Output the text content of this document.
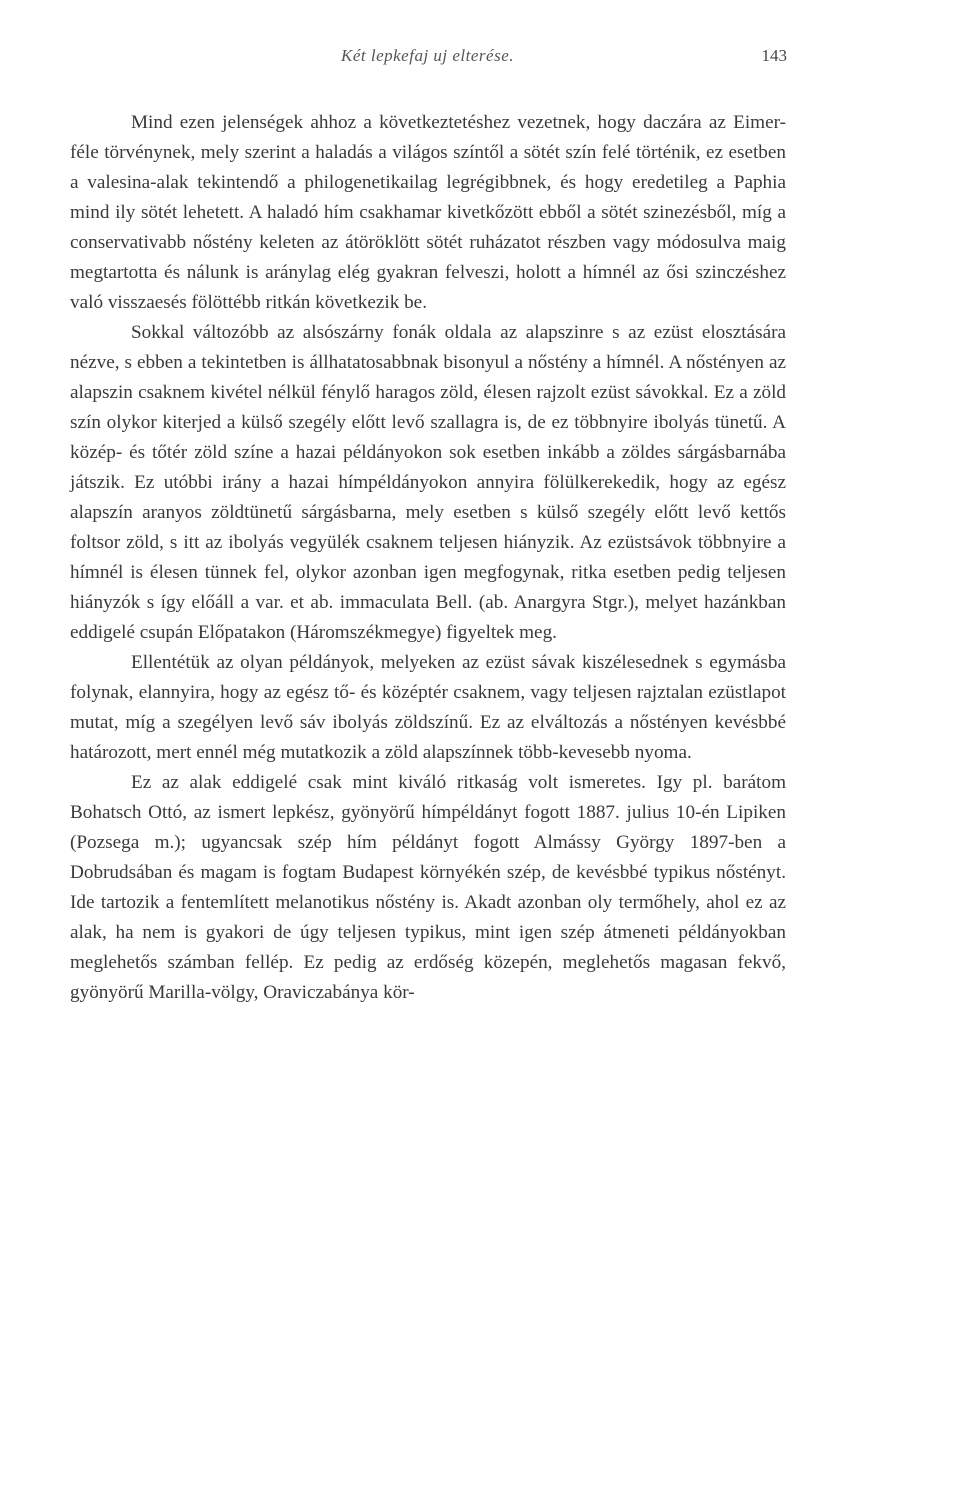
Két lepkefaj uj elterése.	143

Mind ezen jelenségek ahhoz a következtetéshez vezetnek, hogy daczára az Eimer-féle törvénynek, mely szerint a haladás a világos színtől a sötét szín felé történik, ez esetben a valesina-alak tekintendő a philogenetikailag legrégibbnek, és hogy eredetileg a Paphia mind ily sötét lehetett. A haladó hím csakhamar kivetkőzött ebből a sötét szinezésből, míg a conservativabb nőstény keleten az átöröklött sötét ruházatot részben vagy módosulva maig megtartotta és nálunk is aránylag elég gyakran felveszi, holott a hímnél az ősi szinczéshez való visszaesés fölöttébb ritkán következik be.

Sokkal változóbb az alsószárny fonák oldala az alapszinre s az ezüst elosztására nézve, s ebben a tekintetben is állhatatosabbnak bisonyul a nőstény a hímnél. A nőstényen az alapszin csaknem kivétel nélkül fénylő haragos zöld, élesen rajzolt ezüst sávokkal. Ez a zöld szín olykor kiterjed a külső szegély előtt levő szallagra is, de ez többnyire ibolyás tünetű. A közép- és tőtér zöld színe a hazai példányokon sok esetben inkább a zöldes sárgásbarnába játszik. Ez utóbbi irány a hazai hímpéldányokon annyira fölülkerekedik, hogy az egész alapszín aranyos zöldtünetű sárgásbarna, mely esetben s külső szegély előtt levő kettős foltsor zöld, s itt az ibolyás vegyülék csaknem teljesen hiányzik. Az ezüstsávok többnyire a hímnél is élesen tünnek fel, olykor azonban igen megfogynak, ritka esetben pedig teljesen hiányzók s így előáll a var. et ab. immaculata Bell. (ab. Anargyra Stgr.), melyet hazánkban eddigelé csupán Előpatakon (Háromszékmegye) figyeltek meg.

Ellentétük az olyan példányok, melyeken az ezüst sávak kiszélesednek s egymásba folynak, elannyira, hogy az egész tő- és középtér csaknem, vagy teljesen rajztalan ezüstlapot mutat, míg a szegélyen levő sáv ibolyás zöldszínű. Ez az elváltozás a nőstényen kevésbbé határozott, mert ennél még mutatkozik a zöld alapszínnek több-kevesebb nyoma.

Ez az alak eddigelé csak mint kiváló ritkaság volt ismeretes. Igy pl. barátom Bohatsch Ottó, az ismert lepkész, gyönyörű hímpéldányt fogott 1887. julius 10-én Lipiken (Pozsega m.); ugyancsak szép hím példányt fogott Almássy György 1897-ben a Dobrudsában és magam is fogtam Budapest környékén szép, de kevésbbé typikus nőstényt. Ide tartozik a fentemlített melanotikus nőstény is. Akadt azonban oly termőhely, ahol ez az alak, ha nem is gyakori de úgy teljesen typikus, mint igen szép átmeneti példányokban meglehetős számban fellép. Ez pedig az erdőség közepén, meglehetős magasan fekvő, gyönyörű Marilla-völgy, Oraviczabánya kör-
